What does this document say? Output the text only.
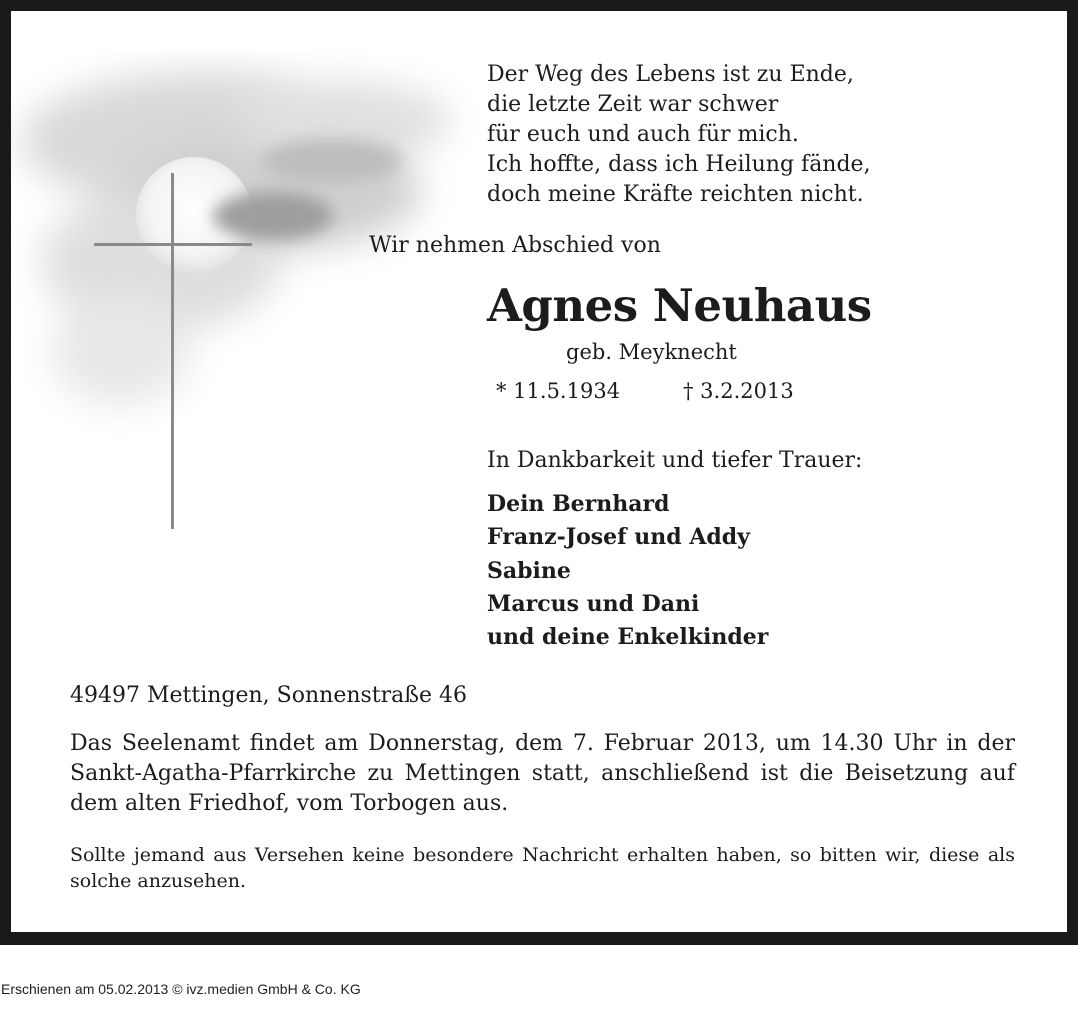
Der Weg des Lebens ist zu Ende,
die letzte Zeit war schwer
für euch und auch für mich.
Ich hoffte, dass ich Heilung fände,
doch meine Kräfte reichten nicht.
Wir nehmen Abschied von
Agnes Neuhaus
geb. Meyknecht
* 11.5.1934	† 3.2.2013
In Dankbarkeit und tiefer Trauer:
Dein Bernhard
Franz-Josef und Addy
Sabine
Marcus und Dani
und deine Enkelkinder
49497 Mettingen, Sonnenstraße 46
Das Seelenamt findet am Donnerstag, dem 7. Februar 2013, um 14.30 Uhr in der Sankt-Agatha-Pfarrkirche zu Mettingen statt, anschließend ist die Beisetzung auf dem alten Friedhof, vom Torbogen aus.
Sollte jemand aus Versehen keine besondere Nachricht erhalten haben, so bitten wir, diese als solche anzusehen.
Erschienen am 05.02.2013 © ivz.medien GmbH & Co. KG
